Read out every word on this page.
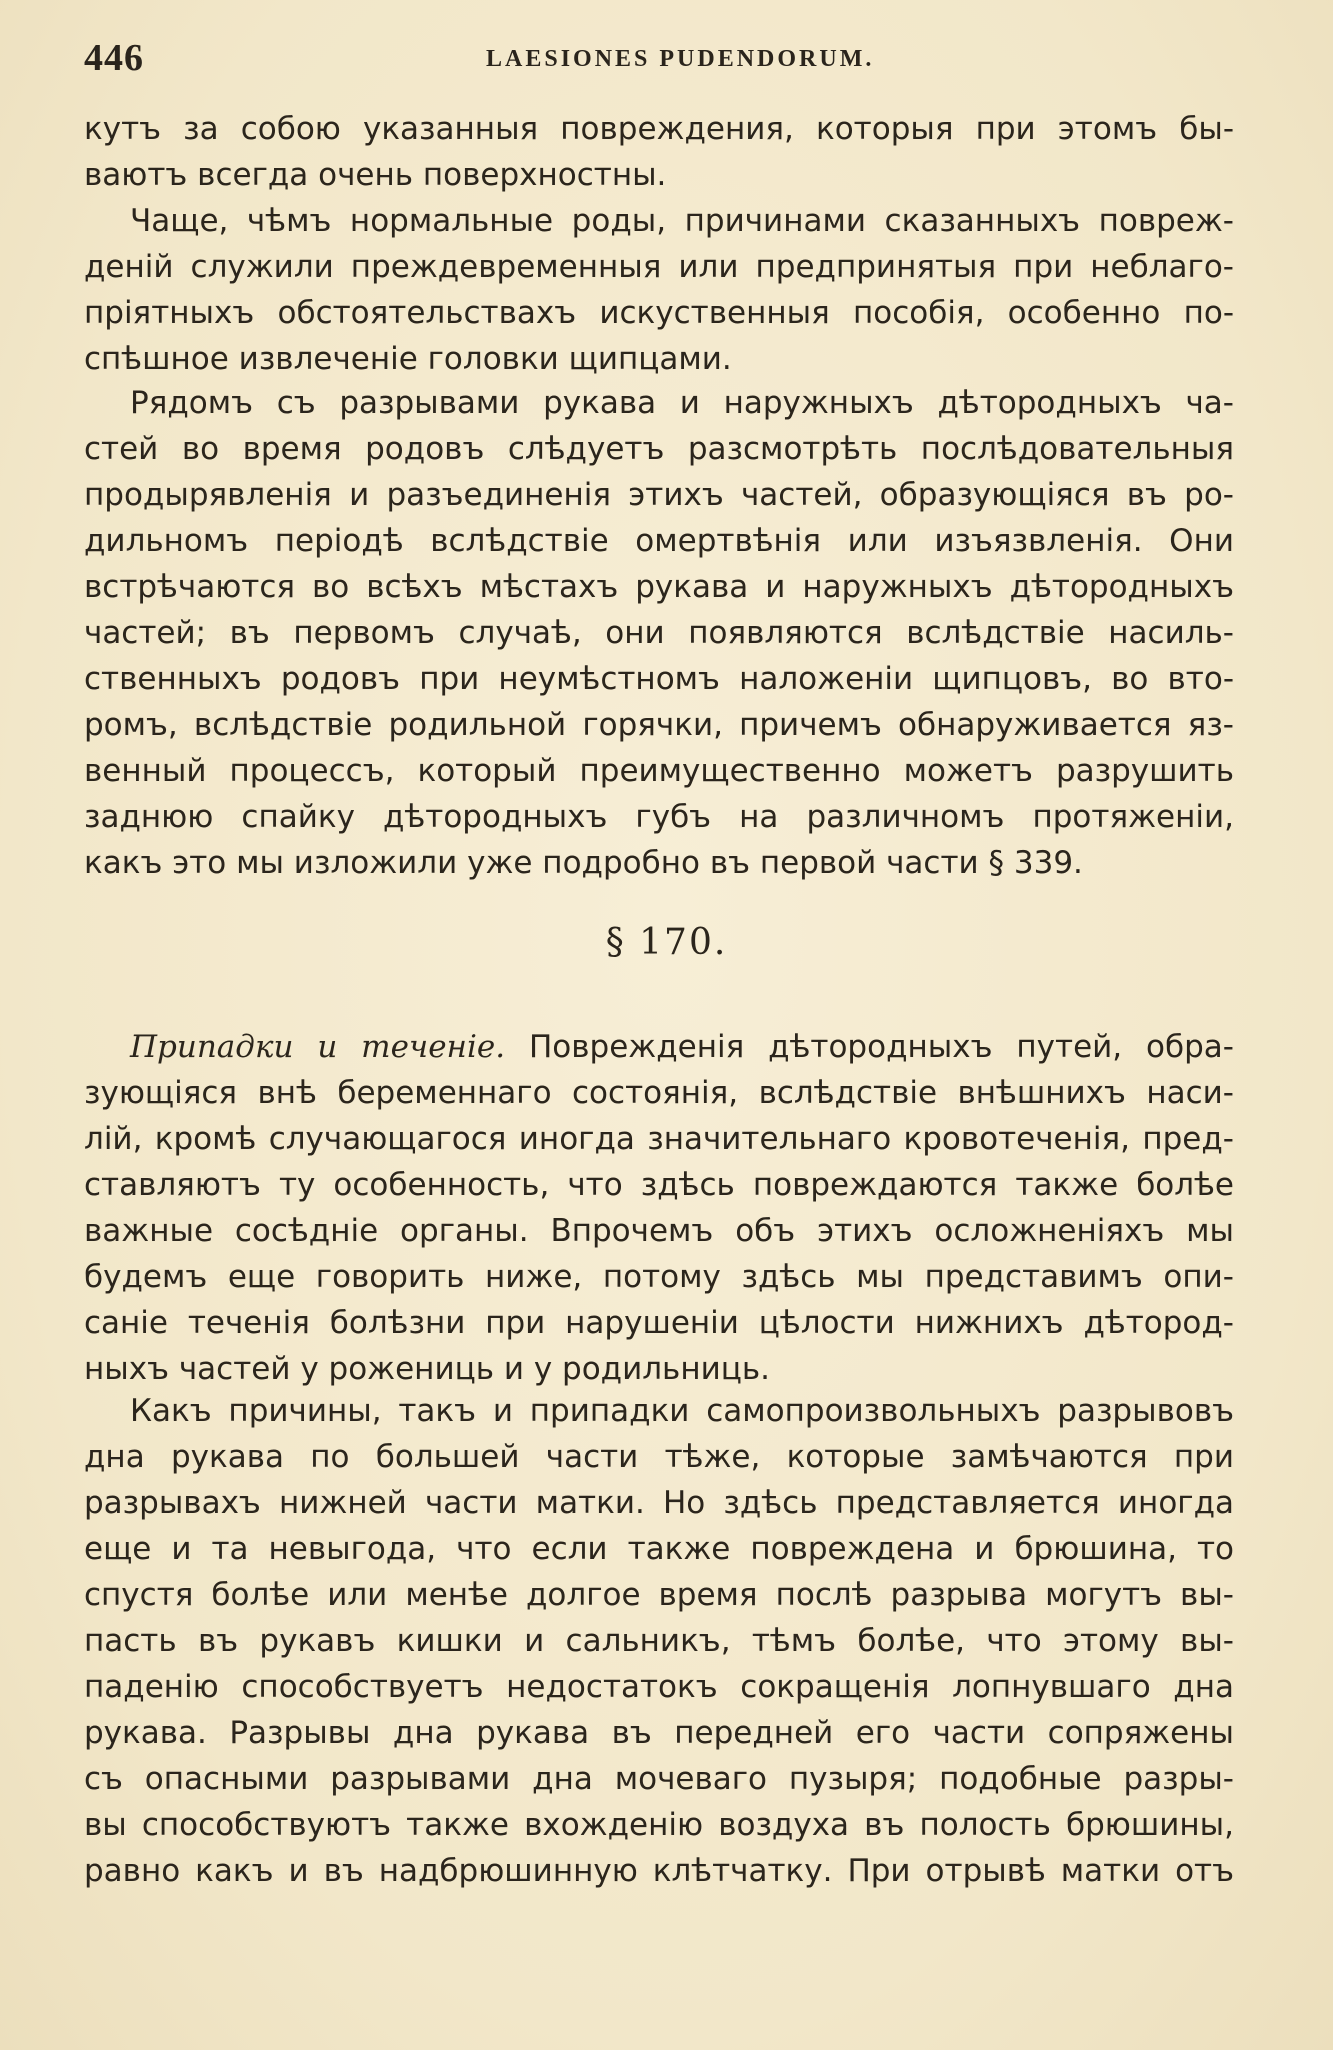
446	LAESIONES PUDENDORUM.
кутъ за собою указанныя повреждения, которыя при этомъ бы-
ваютъ всегда очень поверхностны.
Чаще, чѣмъ нормальные роды, причинами сказанныхъ повреж-
деній служили преждевременныя или предпринятыя при неблаго-
пріятныхъ обстоятельствахъ искуственныя пособія, особенно по-
спѣшное извлеченіе головки щипцами.
Рядомъ съ разрывами рукава и наружныхъ дѣтородныхъ ча-
стей во время родовъ слѣдуетъ разсмотрѣть послѣдовательныя
продырявленія и разъединенія этихъ частей, образующіяся въ ро-
дильномъ періодѣ вслѣдствіе омертвѣнія или изъязвленія. Они
встрѣчаются во всѣхъ мѣстахъ рукава и наружныхъ дѣтородныхъ
частей; въ первомъ случаѣ, они появляются вслѣдствіе насиль-
ственныхъ родовъ при неумѣстномъ наложеніи щипцовъ, во вто-
ромъ, вслѣдствіе родильной горячки, причемъ обнаруживается яз-
венный процессъ, который преимущественно можетъ разрушить
заднюю спайку дѣтородныхъ губъ на различномъ протяженіи,
какъ это мы изложили уже подробно въ первой части § 339.
§ 170.
Припадки и теченіе. Поврежденія дѣтородныхъ путей, обра-
зующіяся внѣ беременнаго состоянія, вслѣдствіе внѣшнихъ наси-
лій, кромѣ случающагося иногда значительнаго кровотеченія, пред-
ставляютъ ту особенность, что здѣсь повреждаются также болѣе
важные сосѣдніе органы. Впрочемъ объ этихъ осложненіяхъ мы
будемъ еще говорить ниже, потому здѣсь мы представимъ опи-
саніе теченія болѣзни при нарушеніи цѣлости нижнихъ дѣтород-
ныхъ частей у рожениць и у родильниць.
Какъ причины, такъ и припадки самопроизвольныхъ разрывовъ
дна рукава по большей части тѣже, которые замѣчаются при
разрывахъ нижней части матки. Но здѣсь представляется иногда
еще и та невыгода, что если также повреждена и брюшина, то
спустя болѣе или менѣе долгое время послѣ разрыва могутъ вы-
пасть въ рукавъ кишки и сальникъ, тѣмъ болѣе, что этому вы-
паденію способствуетъ недостатокъ сокращенія лопнувшаго дна
рукава. Разрывы дна рукава въ передней его части сопряжены
съ опасными разрывами дна мочеваго пузыря; подобные разры-
вы способствуютъ также вхожденію воздуха въ полость брюшины,
равно какъ и въ надбрюшинную клѣтчатку. При отрывѣ матки отъ
